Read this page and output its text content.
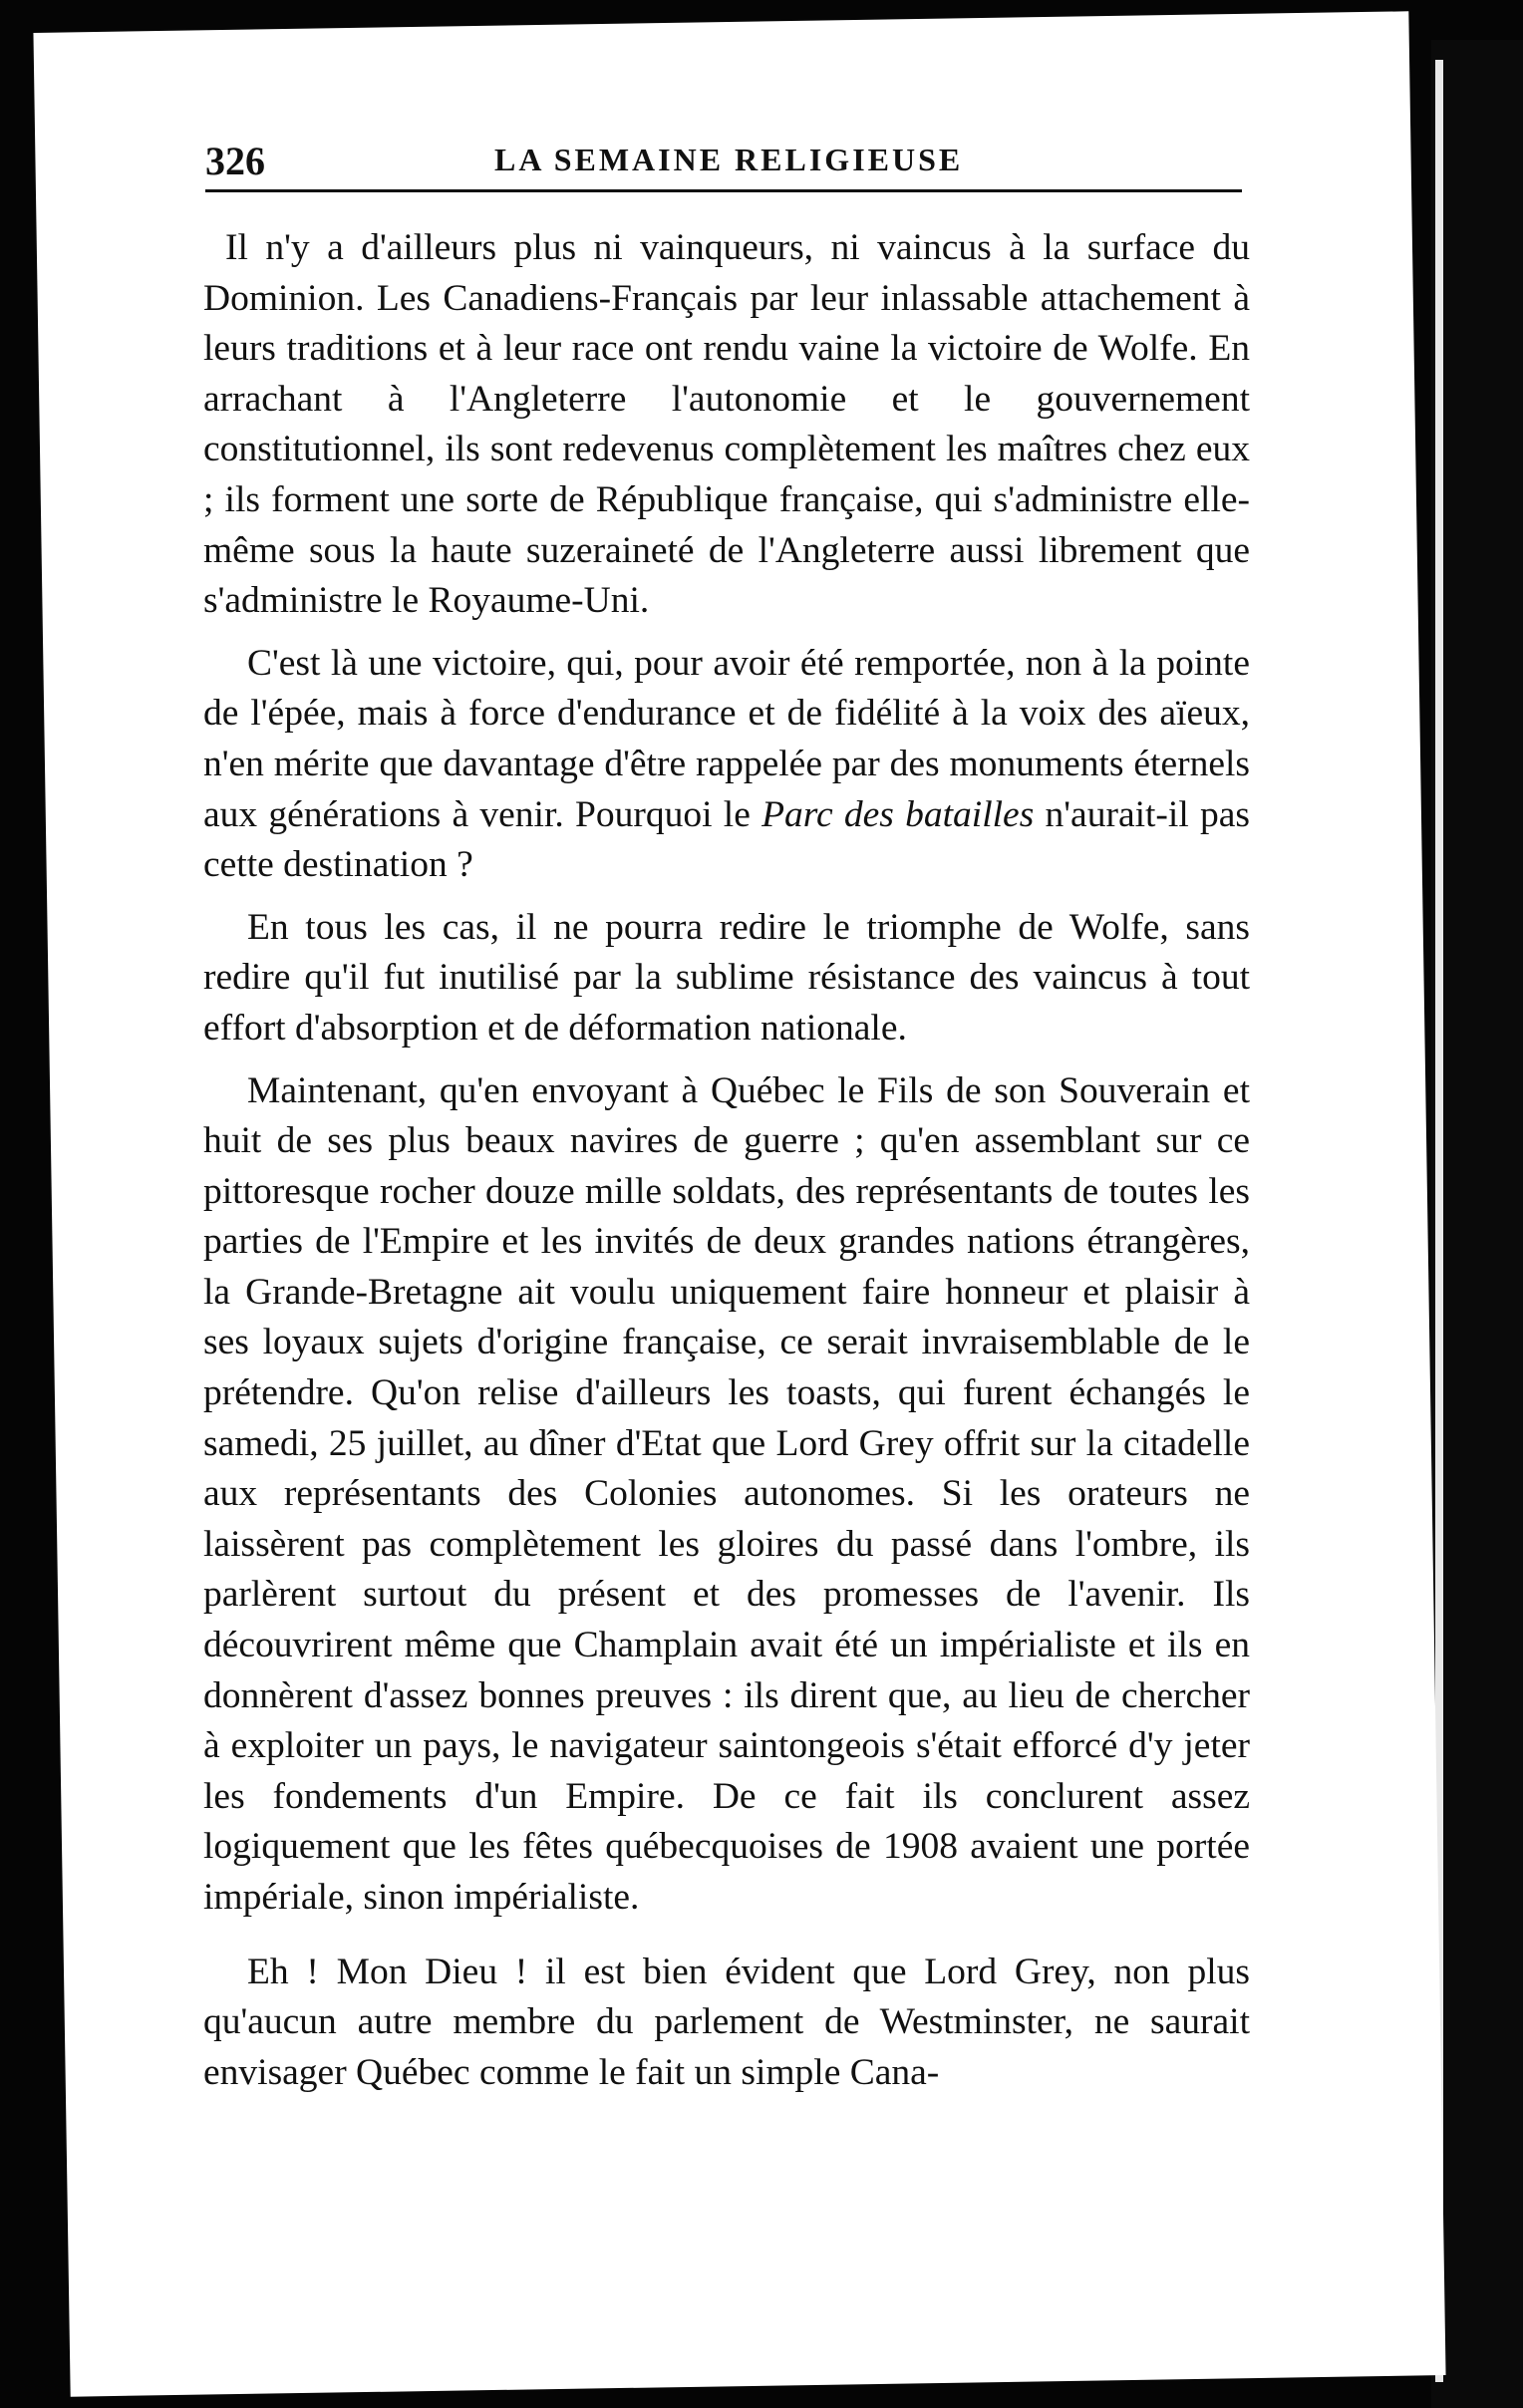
326	LA SEMAINE RELIGIEUSE

Il n'y a d'ailleurs plus ni vainqueurs, ni vaincus à la surface du Dominion. Les Canadiens-Français par leur inlassable attachement à leurs traditions et à leur race ont rendu vaine la victoire de Wolfe. En arrachant à l'Angleterre l'autonomie et le gouvernement constitutionnel, ils sont redevenus complètement les maîtres chez eux ; ils forment une sorte de République française, qui s'administre elle-même sous la haute suzeraineté de l'Angleterre aussi librement que s'administre le Royaume-Uni.

C'est là une victoire, qui, pour avoir été remportée, non à la pointe de l'épée, mais à force d'endurance et de fidélité à la voix des aïeux, n'en mérite que davantage d'être rappelée par des monuments éternels aux générations à venir. Pourquoi le Parc des batailles n'aurait-il pas cette destination ?

En tous les cas, il ne pourra redire le triomphe de Wolfe, sans redire qu'il fut inutilisé par la sublime résistance des vaincus à tout effort d'absorption et de déformation nationale.

Maintenant, qu'en envoyant à Québec le Fils de son Souverain et huit de ses plus beaux navires de guerre ; qu'en assemblant sur ce pittoresque rocher douze mille soldats, des représentants de toutes les parties de l'Empire et les invités de deux grandes nations étrangères, la Grande-Bretagne ait voulu uniquement faire honneur et plaisir à ses loyaux sujets d'origine française, ce serait invraisemblable de le prétendre. Qu'on relise d'ailleurs les toasts, qui furent échangés le samedi, 25 juillet, au dîner d'Etat que Lord Grey offrit sur la citadelle aux représentants des Colonies autonomes. Si les orateurs ne laissèrent pas complètement les gloires du passé dans l'ombre, ils parlèrent surtout du présent et des promesses de l'avenir. Ils découvrirent même que Champlain avait été un impérialiste et ils en donnèrent d'assez bonnes preuves : ils dirent que, au lieu de chercher à exploiter un pays, le navigateur saintongeois s'était efforcé d'y jeter les fondements d'un Empire. De ce fait ils conclurent assez logiquement que les fêtes québecquoises de 1908 avaient une portée impériale, sinon impérialiste.

Eh ! Mon Dieu ! il est bien évident que Lord Grey, non plus qu'aucun autre membre du parlement de Westminster, ne saurait envisager Québec comme le fait un simple Cana-
